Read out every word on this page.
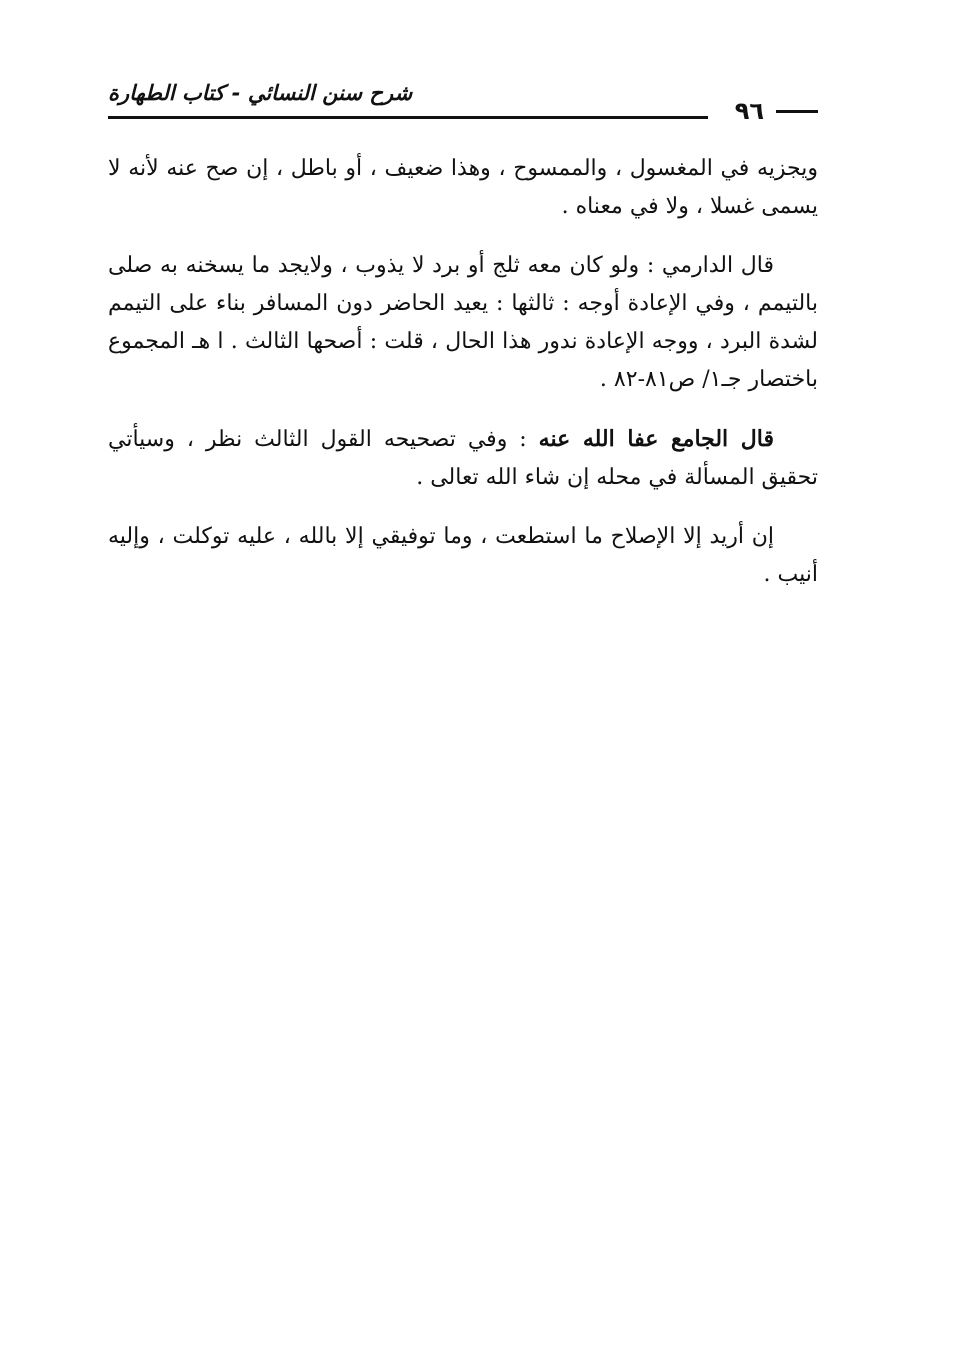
شرح سنن النسائي - كتاب الطهارة
٩٦

ويجزيه في المغسول ، والممسوح ، وهذا ضعيف ، أو باطل ، إن صح عنه لأنه لا يسمى غسلا ، ولا في معناه .

قال الدارمي : ولو كان معه ثلج أو برد لا يذوب ، ولايجد ما يسخنه به صلى بالتيمم ، وفي الإعادة أوجه : ثالثها : يعيد الحاضر دون المسافر بناء على التيمم لشدة البرد ، ووجه الإعادة ندور هذا الحال ، قلت : أصحها الثالث . ا هـ المجموع باختصار جـ١/ ص٨١-٨٢ .

قال الجامع عفا الله عنه : وفي تصحيحه القول الثالث نظر ، وسيأتي تحقيق المسألة في محله إن شاء الله تعالى .

إن أريد إلا الإصلاح ما استطعت ، وما توفيقي إلا بالله ، عليه توكلت ، وإليه أنيب .
